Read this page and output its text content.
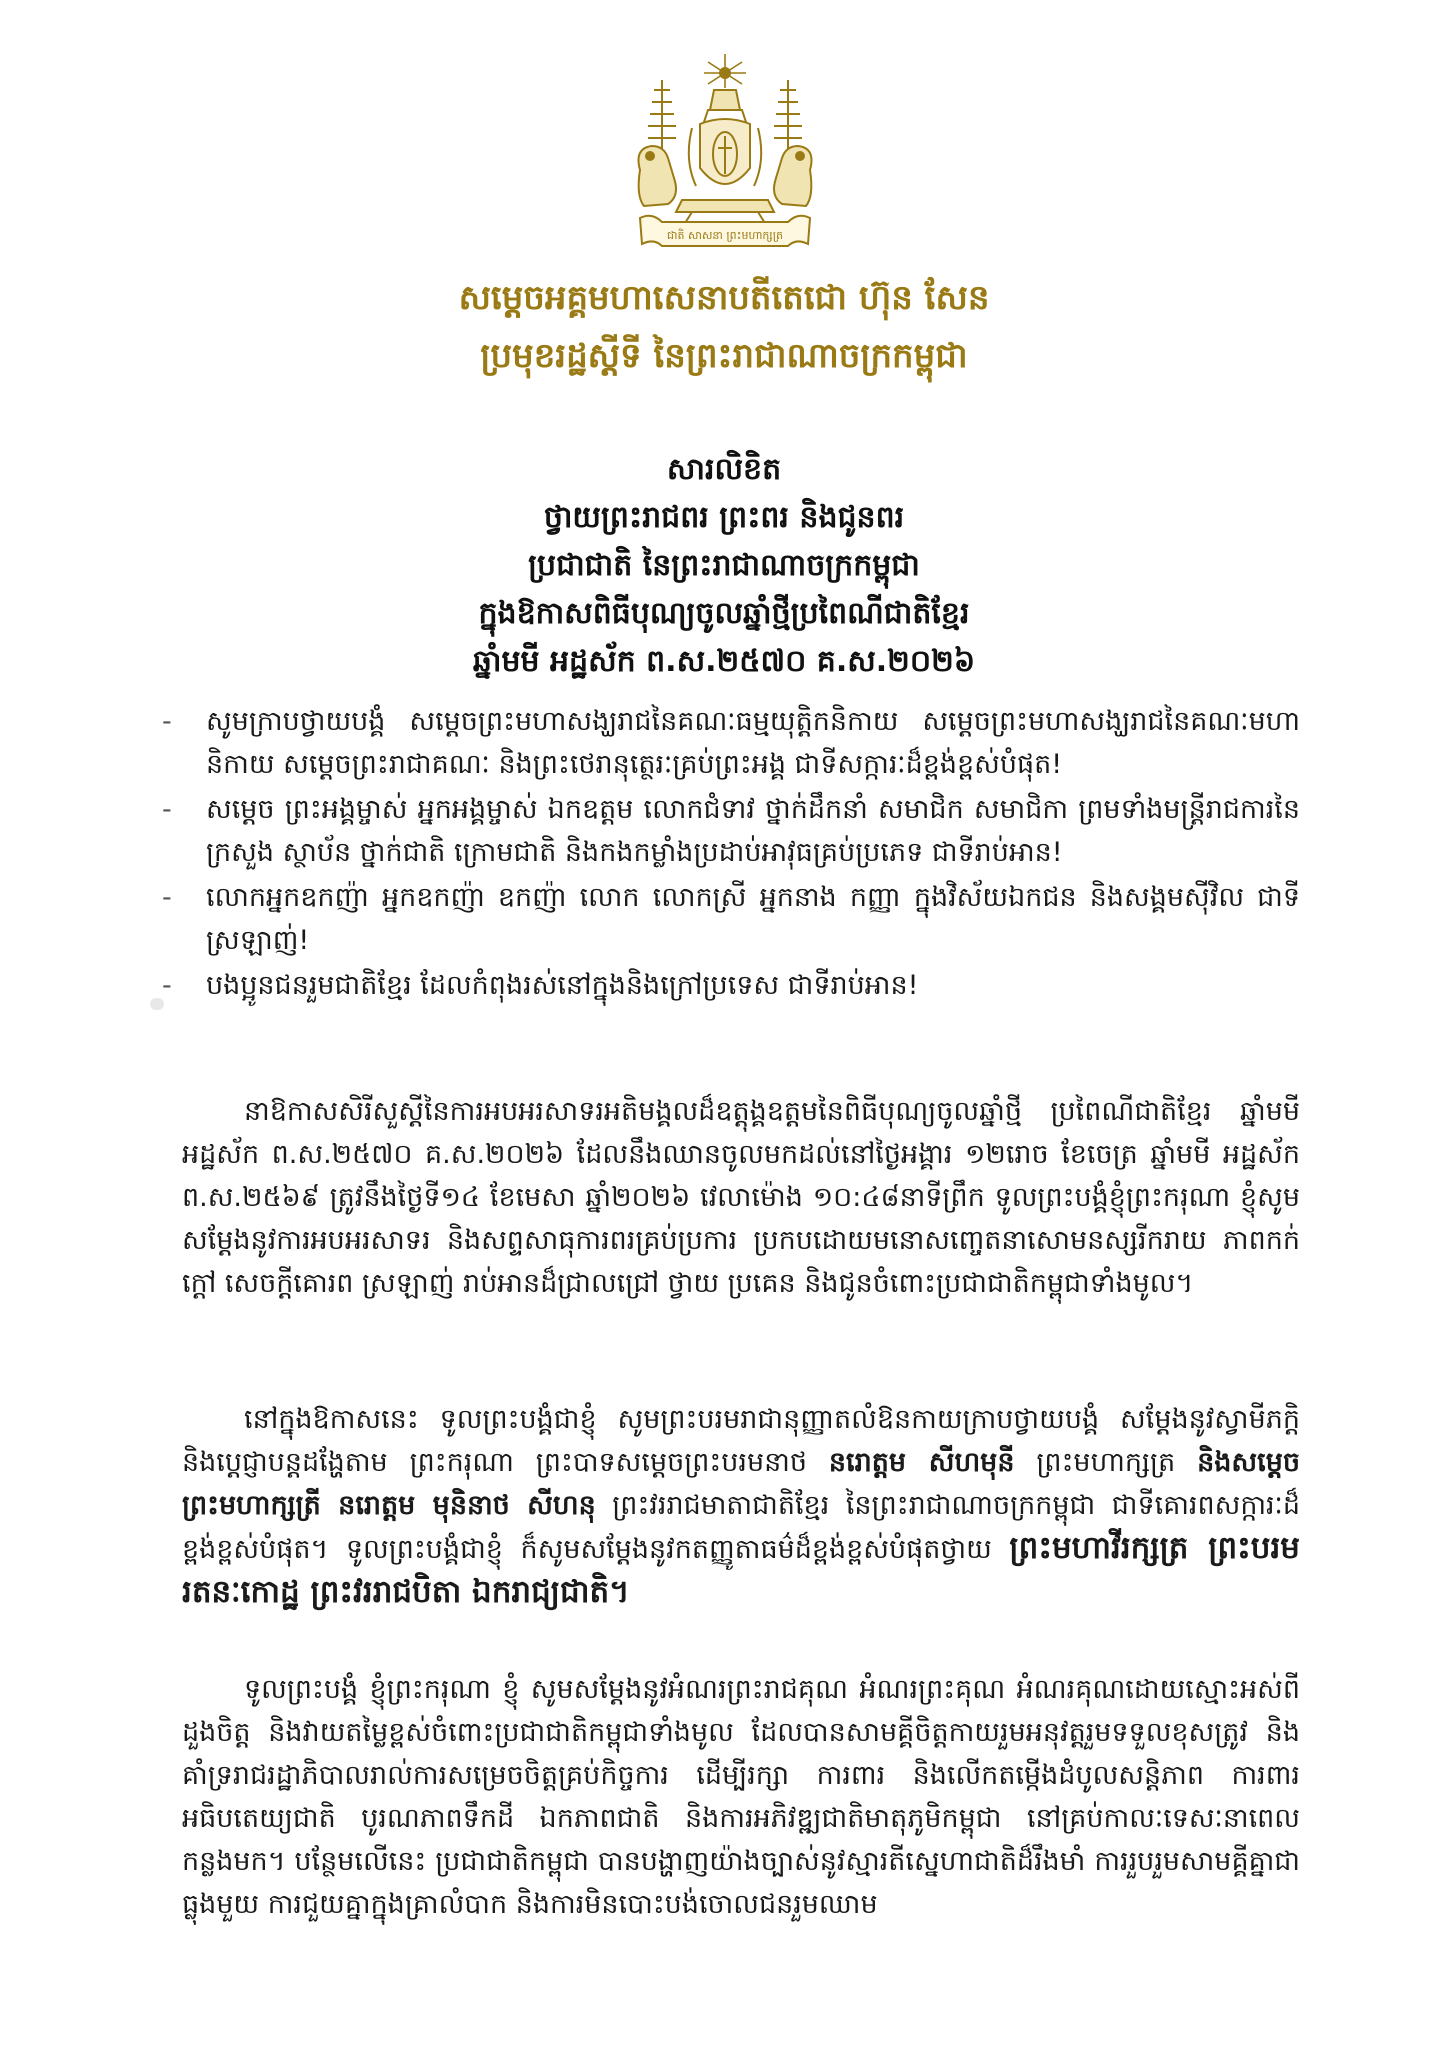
ជាតិ សាសនា ព្រះមហាក្សត្រ
សម្តេចអគ្គមហាសេនាបតីតេជោ ហ៊ុន សែន
ប្រមុខរដ្ឋស្តីទី នៃព្រះរាជាណាចក្រកម្ពុជា
សារលិខិត
ថ្វាយព្រះរាជពរ ព្រះពរ និងជូនពរ
ប្រជាជាតិ នៃព្រះរាជាណាចក្រកម្ពុជា
ក្នុងឱកាសពិធីបុណ្យចូលឆ្នាំថ្មីប្រពៃណីជាតិខ្មែរ
ឆ្នាំមមី អដ្ឋស័ក ព.ស.២៥៧០ គ.ស.២០២៦
-	សូមក្រាបថ្វាយបង្គំ សម្តេចព្រះមហាសង្ឃរាជនៃគណៈធម្មយុត្តិកនិកាយ សម្តេចព្រះមហាសង្ឃរាជនៃគណៈមហានិកាយ សម្តេចព្រះរាជាគណៈ និងព្រះថេរានុត្ថេរៈគ្រប់ព្រះអង្គ ជាទីសក្ការៈដ៏ខ្ពង់ខ្ពស់បំផុត!
-	សម្តេច ព្រះអង្គម្ចាស់ អ្នកអង្គម្ចាស់ ឯកឧត្តម លោកជំទាវ ថ្នាក់ដឹកនាំ សមាជិក សមាជិកា ព្រមទាំងមន្ត្រីរាជការនៃក្រសួង ស្ថាប័ន ថ្នាក់ជាតិ ក្រោមជាតិ និងកងកម្លាំងប្រដាប់អាវុធគ្រប់ប្រភេទ ជាទីរាប់អាន!
-	លោកអ្នកឧកញ៉ា អ្នកឧកញ៉ា ឧកញ៉ា លោក លោកស្រី អ្នកនាង កញ្ញា ក្នុងវិស័យឯកជន និងសង្គមស៊ីវិល ជាទីស្រឡាញ់!
-	បងប្អូនជនរួមជាតិខ្មែរ ដែលកំពុងរស់នៅក្នុងនិងក្រៅប្រទេស ជាទីរាប់អាន!
នាឱកាសសិរីសួស្តីនៃការអបអរសាទរអតិមង្គលដ៏ឧត្តុង្គឧត្តមនៃពិធីបុណ្យចូលឆ្នាំថ្មី ប្រពៃណីជាតិខ្មែរ ឆ្នាំមមី អដ្ឋស័ក ព.ស.២៥៧០ គ.ស.២០២៦ ដែលនឹងឈានចូលមកដល់នៅថ្ងៃអង្គារ ១២រោច ខែចេត្រ ឆ្នាំមមី អដ្ឋស័ក ព.ស.២៥៦៩ ត្រូវនឹងថ្ងៃទី១៤ ខែមេសា ឆ្នាំ២០២៦ វេលាម៉ោង ១០:៤៨នាទីព្រឹក ទូលព្រះបង្គំខ្ញុំព្រះករុណា ខ្ញុំសូមសម្តែងនូវការអបអរសាទរ និងសព្ទសាធុការពរគ្រប់ប្រការ ប្រកបដោយមនោសញ្ចេតនាសោមនស្សរីករាយ ភាពកក់ក្តៅ សេចក្តីគោរព ស្រឡាញ់ រាប់អានដ៏ជ្រាលជ្រៅ ថ្វាយ ប្រគេន និងជូនចំពោះប្រជាជាតិកម្ពុជាទាំងមូល។
នៅក្នុងឱកាសនេះ ទូលព្រះបង្គំជាខ្ញុំ សូមព្រះបរមរាជានុញ្ញាតលំឱនកាយក្រាបថ្វាយបង្គំ សម្តែងនូវស្វាមីភក្តិ និងប្តេជ្ញាបន្តដង្ហែតាម ព្រះករុណា ព្រះបាទសម្តេចព្រះបរមនាថ នរោត្តម សីហមុនី ព្រះមហាក្សត្រ និងសម្តេចព្រះមហាក្សត្រី នរោត្តម មុនិនាថ សីហនុ ព្រះវររាជមាតាជាតិខ្មែរ នៃព្រះរាជាណាចក្រកម្ពុជា ជាទីគោរពសក្ការៈដ៏ខ្ពង់ខ្ពស់បំផុត។ ទូលព្រះបង្គំជាខ្ញុំ ក៏សូមសម្តែងនូវកតញ្ញូតាធម៌ដ៏ខ្ពង់ខ្ពស់បំផុតថ្វាយ ព្រះមហាវីរក្សត្រ ព្រះបរមរតនៈកោដ្ឋ ព្រះវររាជបិតា ឯករាជ្យជាតិ។
ទូលព្រះបង្គំ ខ្ញុំព្រះករុណា ខ្ញុំ សូមសម្តែងនូវអំណរព្រះរាជគុណ អំណរព្រះគុណ អំណរគុណដោយស្មោះអស់ពីដួងចិត្ត និងវាយតម្លៃខ្ពស់ចំពោះប្រជាជាតិកម្ពុជាទាំងមូល ដែលបានសាមគ្គីចិត្តកាយរួមអនុវត្តរួមទទួលខុសត្រូវ និងគាំទ្ររាជរដ្ឋាភិបាលរាល់ការសម្រេចចិត្តគ្រប់កិច្ចការ ដើម្បីរក្សា ការពារ និងលើកតម្កើងដំបូលសន្តិភាព ការពារអធិបតេយ្យជាតិ បូរណភាពទឹកដី ឯកភាពជាតិ និងការអភិវឌ្ឍជាតិមាតុភូមិកម្ពុជា នៅគ្រប់កាលៈទេសៈនាពេលកន្លងមក។ បន្ថែមលើនេះ ប្រជាជាតិកម្ពុជា បានបង្ហាញយ៉ាងច្បាស់នូវស្មារតីស្នេហាជាតិដ៏រឹងមាំ ការរួបរួមសាមគ្គីគ្នាជាធ្លុងមួយ ការជួយគ្នាក្នុងគ្រាលំបាក និងការមិនបោះបង់ចោលជនរួមឈាម
